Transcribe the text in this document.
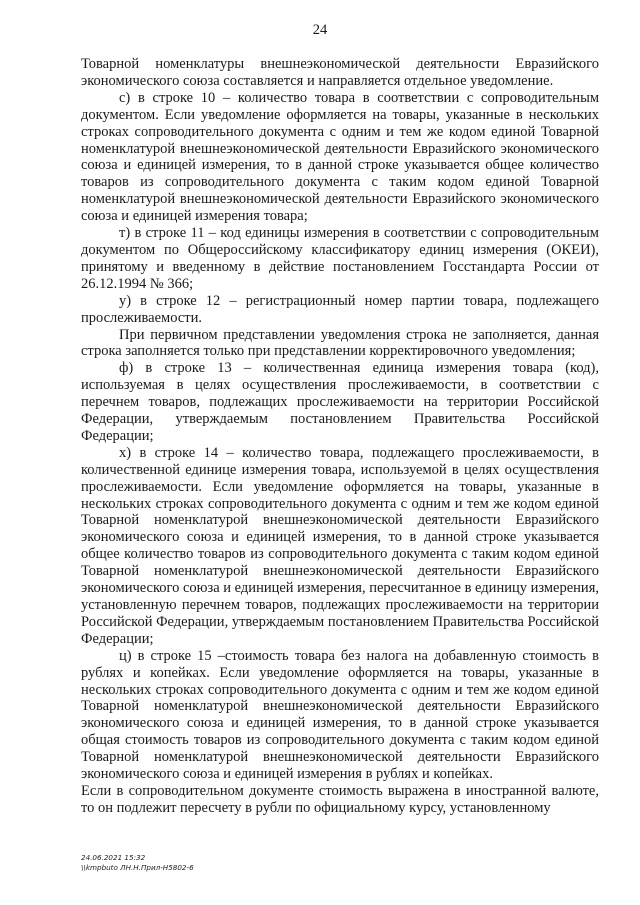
24

Товарной номенклатуры внешнеэкономической деятельности Евразийского экономического союза составляется и направляется отдельное уведомление.

с) в строке 10 – количество товара в соответствии с сопроводительным документом. Если уведомление оформляется на товары, указанные в нескольких строках сопроводительного документа с одним и тем же кодом единой Товарной номенклатурой внешнеэкономической деятельности Евразийского экономического союза и единицей измерения, то в данной строке указывается общее количество товаров из сопроводительного документа с таким кодом единой Товарной номенклатурой внешнеэкономической деятельности Евразийского экономического союза и единицей измерения товара;

т) в строке 11 – код единицы измерения в соответствии с сопроводительным документом по Общероссийскому классификатору единиц измерения (ОКЕИ), принятому и введенному в действие постановлением Госстандарта России от 26.12.1994 № 366;

у) в строке 12 – регистрационный номер партии товара, подлежащего прослеживаемости.

При первичном представлении уведомления строка не заполняется, данная строка заполняется только при представлении корректировочного уведомления;

ф) в строке 13 – количественная единица измерения товара (код), используемая в целях осуществления прослеживаемости, в соответствии с перечнем товаров, подлежащих прослеживаемости на территории Российской Федерации, утверждаемым постановлением Правительства Российской Федерации;

х) в строке 14 – количество товара, подлежащего прослеживаемости, в количественной единице измерения товара, используемой в целях осуществления прослеживаемости. Если уведомление оформляется на товары, указанные в нескольких строках сопроводительного документа с одним и тем же кодом единой Товарной номенклатурой внешнеэкономической деятельности Евразийского экономического союза и единицей измерения, то в данной строке указывается общее количество товаров из сопроводительного документа с таким кодом единой Товарной номенклатурой внешнеэкономической деятельности Евразийского экономического союза и единицей измерения, пересчитанное в единицу измерения, установленную перечнем товаров, подлежащих прослеживаемости на территории Российской Федерации, утверждаемым постановлением Правительства Российской Федерации;

ц) в строке 15 –стоимость товара без налога на добавленную стоимость в рублях и копейках. Если уведомление оформляется на товары, указанные в нескольких строках сопроводительного документа с одним и тем же кодом единой Товарной номенклатурой внешнеэкономической деятельности Евразийского экономического союза и единицей измерения, то в данной строке указывается общая стоимость товаров из сопроводительного документа с таким кодом единой Товарной номенклатурой внешнеэкономической деятельности Евразийского экономического союза и единицей измерения в рублях и копейках.

Если в сопроводительном документе стоимость выражена в иностранной валюте, то он подлежит пересчету в рубли по официальному курсу, установленному

24.06.2021 15:32
\\kmpbuto ЛН.Н.Прил-Н5802-6
